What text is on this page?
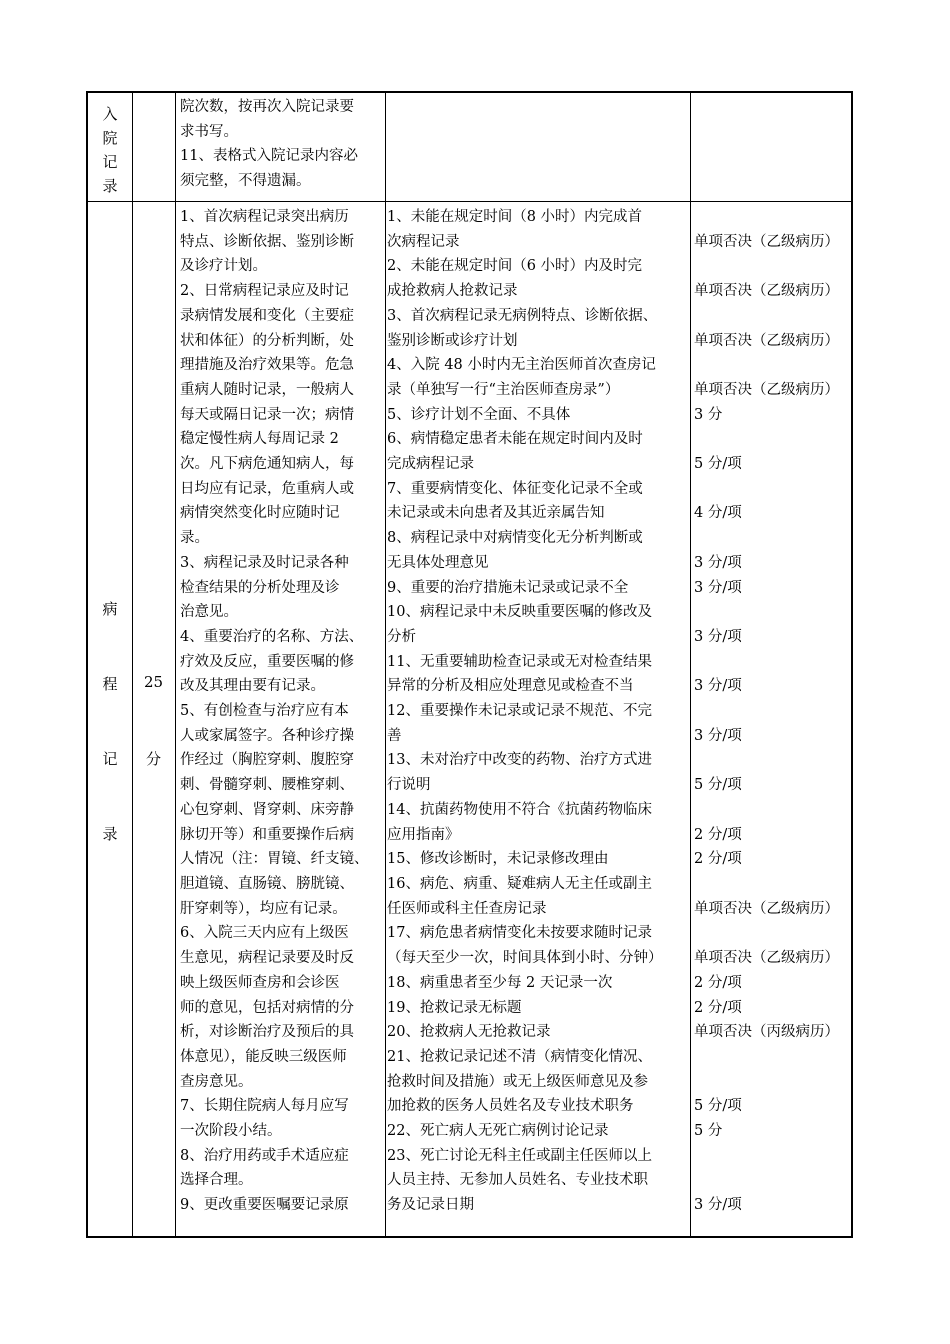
入
院
记
录
院次数，按再次入院记录要
求书写。
11、表格式入院记录内容必
须完整，不得遗漏。
病
程
记
录
25
分
1、首次病程记录突出病历
特点、诊断依据、鉴别诊断
及诊疗计划。
2、日常病程记录应及时记
录病情发展和变化（主要症
状和体征）的分析判断，处
理措施及治疗效果等。危急
重病人随时记录，一般病人
每天或隔日记录一次；病情
稳定慢性病人每周记录 2
次。凡下病危通知病人，每
日均应有记录，危重病人或
病情突然变化时应随时记
录。
3、病程记录及时记录各种
检查结果的分析处理及诊
治意见。
4、重要治疗的名称、方法、
疗效及反应，重要医嘱的修
改及其理由要有记录。
5、有创检查与治疗应有本
人或家属签字。各种诊疗操
作经过（胸腔穿刺、腹腔穿
刺、骨髓穿刺、腰椎穿刺、
心包穿刺、肾穿刺、床旁静
脉切开等）和重要操作后病
人情况（注：胃镜、纤支镜、
胆道镜、直肠镜、膀胱镜、
肝穿刺等），均应有记录。
6、入院三天内应有上级医
生意见，病程记录要及时反
映上级医师查房和会诊医
师的意见，包括对病情的分
析，对诊断治疗及预后的具
体意见），能反映三级医师
查房意见。
7、长期住院病人每月应写
一次阶段小结。
8、治疗用药或手术适应症
选择合理。
9、更改重要医嘱要记录原
1、未能在规定时间（8 小时）内完成首
次病程记录
2、未能在规定时间（6 小时）内及时完
成抢救病人抢救记录
3、首次病程记录无病例特点、诊断依据、
鉴别诊断或诊疗计划
4、入院 48 小时内无主治医师首次查房记
录（单独写一行“主治医师查房录”）
5、诊疗计划不全面、不具体
6、病情稳定患者未能在规定时间内及时
完成病程记录
7、重要病情变化、体征变化记录不全或
未记录或未向患者及其近亲属告知
8、病程记录中对病情变化无分析判断或
无具体处理意见
9、重要的治疗措施未记录或记录不全
10、病程记录中未反映重要医嘱的修改及
分析
11、无重要辅助检查记录或无对检查结果
异常的分析及相应处理意见或检查不当
12、重要操作未记录或记录不规范、不完
善
13、未对治疗中改变的药物、治疗方式进
行说明
14、抗菌药物使用不符合《抗菌药物临床
应用指南》
15、修改诊断时，未记录修改理由
16、病危、病重、疑难病人无主任或副主
任医师或科主任查房记录
17、病危患者病情变化未按要求随时记录
（每天至少一次，时间具体到小时、分钟）
18、病重患者至少每 2 天记录一次
19、抢救记录无标题
20、抢救病人无抢救记录
21、抢救记录记述不清（病情变化情况、
抢救时间及措施）或无上级医师意见及参
加抢救的医务人员姓名及专业技术职务
22、死亡病人无死亡病例讨论记录
23、死亡讨论无科主任或副主任医师以上
人员主持、无参加人员姓名、专业技术职
务及记录日期

单项否决（乙级病历）

单项否决（乙级病历）

单项否决（乙级病历）

单项否决（乙级病历）
3 分

5 分/项

4 分/项

3 分/项
3 分/项

3 分/项

3 分/项

3 分/项

5 分/项

2 分/项
2 分/项

单项否决（乙级病历）

单项否决（乙级病历）
2 分/项
2 分/项
单项否决（丙级病历）

5 分/项
5 分

3 分/项
